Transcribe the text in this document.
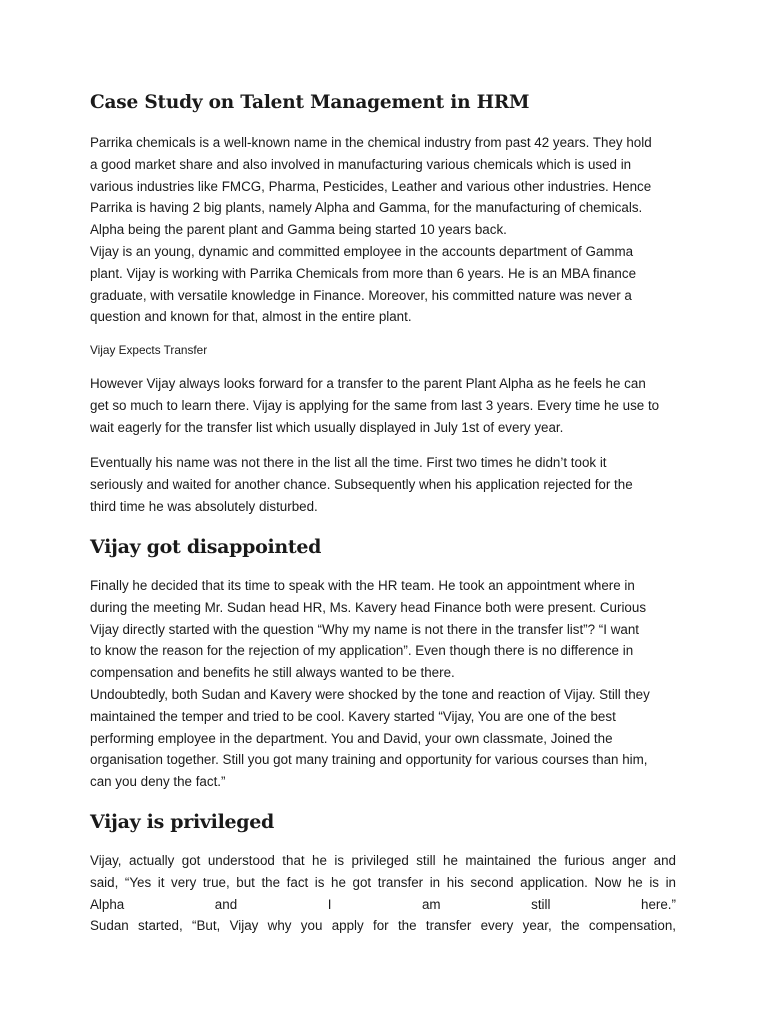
Case Study on Talent Management in HRM
Parrika chemicals is a well-known name in the chemical industry from past 42 years. They hold
a good market share and also involved in manufacturing various chemicals which is used in
various industries like FMCG, Pharma, Pesticides, Leather and various other industries. Hence
Parrika is having 2 big plants, namely Alpha and Gamma, for the manufacturing of chemicals.
Alpha being the parent plant and Gamma being started 10 years back.
Vijay is an young, dynamic and committed employee in the accounts department of Gamma
plant. Vijay is working with Parrika Chemicals from more than 6 years. He is an MBA finance
graduate, with versatile knowledge in Finance. Moreover, his committed nature was never a
question and known for that, almost in the entire plant.
Vijay Expects Transfer
However Vijay always looks forward for a transfer to the parent Plant Alpha as he feels he can
get so much to learn there. Vijay is applying for the same from last 3 years. Every time he use to
wait eagerly for the transfer list which usually displayed in July 1st of every year.
Eventually his name was not there in the list all the time. First two times he didn’t took it
seriously and waited for another chance. Subsequently when his application rejected for the
third time he was absolutely disturbed.
Vijay got disappointed
Finally he decided that its time to speak with the HR team. He took an appointment where in
during the meeting Mr. Sudan head HR, Ms. Kavery head Finance both were present. Curious
Vijay directly started with the question “Why my name is not there in the transfer list”? “I want
to know the reason for the rejection of my application”. Even though there is no difference in
compensation and benefits he still always wanted to be there.
Undoubtedly, both Sudan and Kavery were shocked by the tone and reaction of Vijay. Still they
maintained the temper and tried to be cool. Kavery started “Vijay, You are one of the best
performing employee in the department. You and David, your own classmate, Joined the
organisation together. Still you got many training and opportunity for various courses than him,
can you deny the fact.”
Vijay is privileged
Vijay, actually got understood that he is privileged still he maintained the furious anger and
said, “Yes it very true, but the fact is he got transfer in his second application. Now he is in
Alpha and I am still here.”
Sudan started, “But, Vijay why you apply for the transfer every year, the compensation,
